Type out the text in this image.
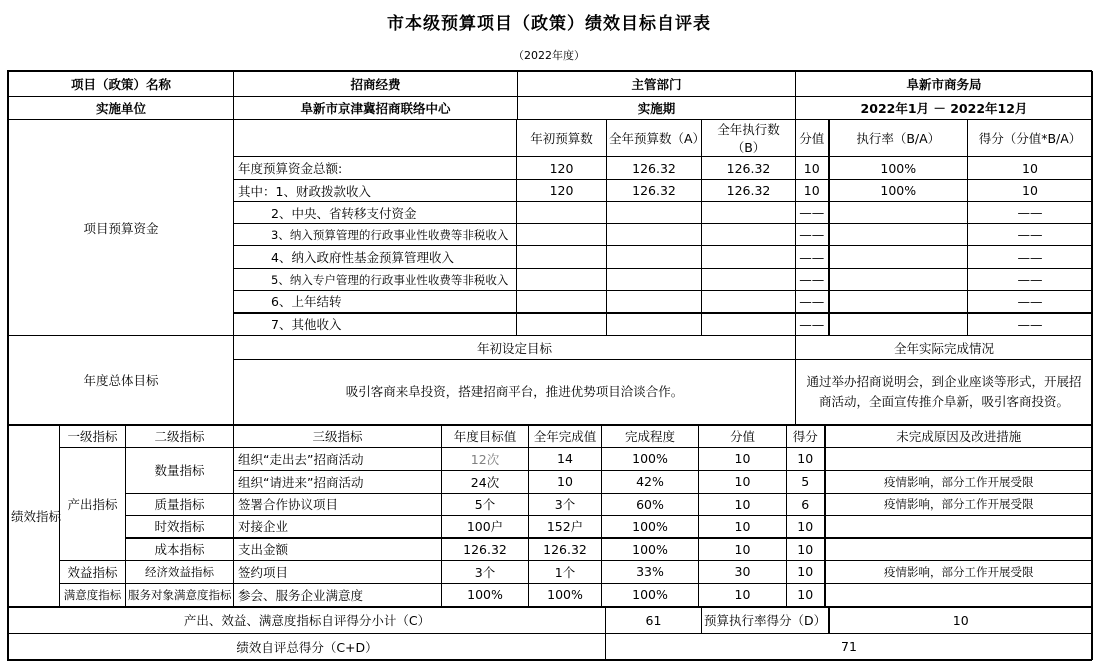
市本级预算项目（政策）绩效目标自评表
（2022年度）
项目（政策）名称	招商经费	主管部门	阜新市商务局
实施单位	阜新市京津冀招商联络中心	实施期	2022年1月 － 2022年12月
项目预算资金		年初预算数	全年预算数（A）	全年执行数（B）	分值	执行率（B/A）	得分（分值*B/A）
	年度预算资金总额:	120	126.32	126.32	10	100%	10
	其中：1、财政拨款收入	120	126.32	126.32	10	100%	10
	2、中央、省转移支付资金				——		——
	3、纳入预算管理的行政事业性收费等非税收入				——		——
	4、纳入政府性基金预算管理收入				——		——
	5、纳入专户管理的行政事业性收费等非税收入				——		——
	6、上年结转				——		——
	7、其他收入				——		——
年度总体目标	年初设定目标	全年实际完成情况
	吸引客商来阜投资，搭建招商平台，推进优势项目洽谈合作。	通过举办招商说明会，到企业座谈等形式，开展招商活动，全面宣传推介阜新，吸引客商投资。
绩效指标	一级指标	二级指标	三级指标	年度目标值	全年完成值	完成程度	分值	得分	未完成原因及改进措施
	产出指标	数量指标	组织“走出去”招商活动	12次	14	100%	10	10	
			组织“请进来”招商活动	24次	10	42%	10	5	疫情影响，部分工作开展受限
		质量指标	签署合作协议项目	5个	3个	60%	10	6	疫情影响，部分工作开展受限
		时效指标	对接企业	100户	152户	100%	10	10	
		成本指标	支出金额	126.32	126.32	100%	10	10	
	效益指标	经济效益指标	签约项目	3个	1个	33%	30	10	疫情影响，部分工作开展受限
	满意度指标	服务对象满意度指标	参会、服务企业满意度	100%	100%	100%	10	10	
产出、效益、满意度指标自评得分小计（C）	61	预算执行率得分（D）	10
绩效自评总得分（C+D）	71		
